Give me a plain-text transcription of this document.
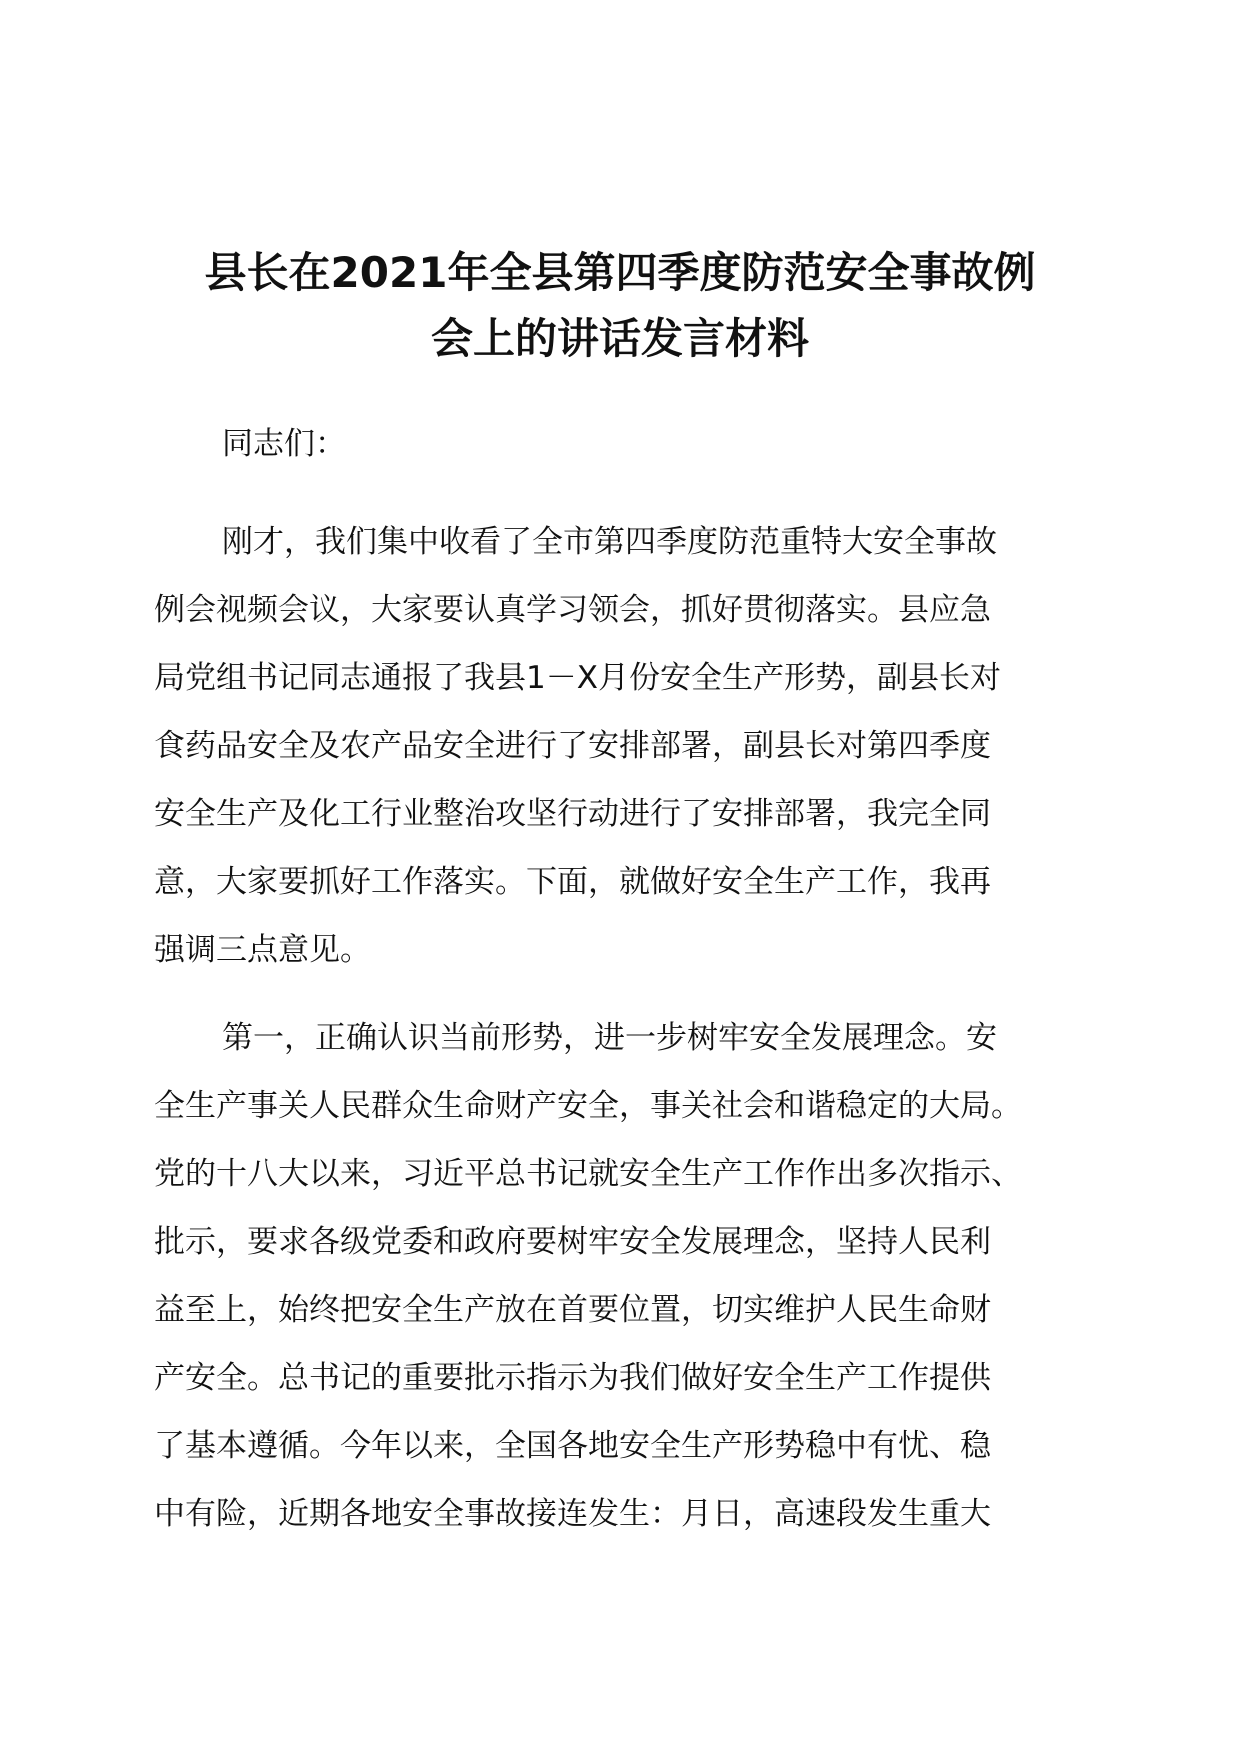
县长在2021年全县第四季度防范安全事故例
会上的讲话发言材料

同志们：

刚才，我们集中收看了全市第四季度防范重特大安全事故
例会视频会议，大家要认真学习领会，抓好贯彻落实。县应急
局党组书记同志通报了我县1－X月份安全生产形势，副县长对
食药品安全及农产品安全进行了安排部署，副县长对第四季度
安全生产及化工行业整治攻坚行动进行了安排部署，我完全同
意，大家要抓好工作落实。下面，就做好安全生产工作，我再
强调三点意见。

第一，正确认识当前形势，进一步树牢安全发展理念。安
全生产事关人民群众生命财产安全，事关社会和谐稳定的大局。
党的十八大以来，习近平总书记就安全生产工作作出多次指示、
批示，要求各级党委和政府要树牢安全发展理念，坚持人民利
益至上，始终把安全生产放在首要位置，切实维护人民生命财
产安全。总书记的重要批示指示为我们做好安全生产工作提供
了基本遵循。今年以来，全国各地安全生产形势稳中有忧、稳
中有险，近期各地安全事故接连发生：月日，高速段发生重大
